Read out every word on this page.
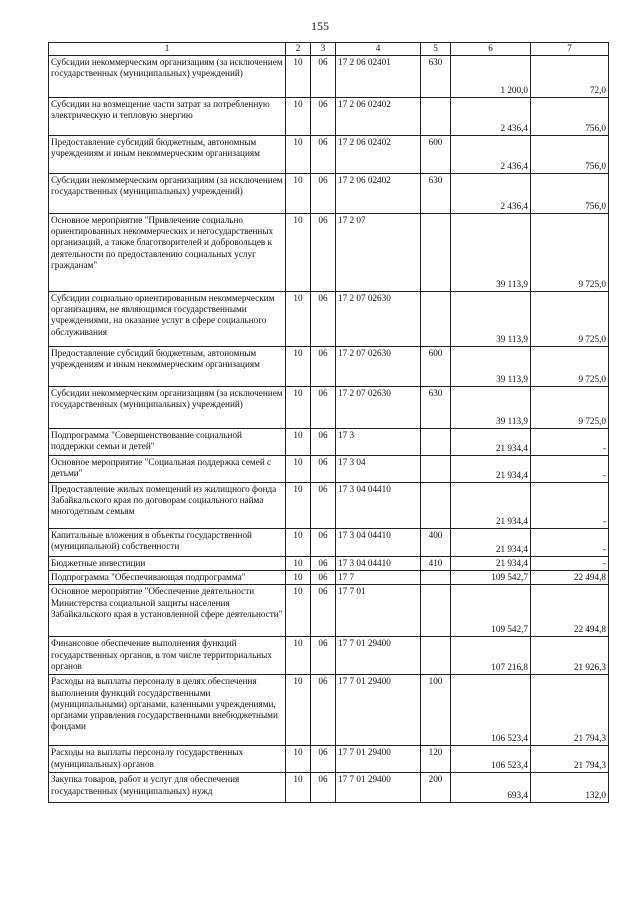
155
1	2	3	4	5	6	7
Субсидии некоммерческим организациям (за исключением государственных (муниципальных) учреждений)	10	06	17 2 06 02401	630	1 200,0	72,0
Субсидии на возмещение части затрат за потребленную электрическую и тепловую энергию	10	06	17 2 06 02402		2 436,4	756,0
Предоставление субсидий бюджетным, автономным учреждениям и иным некоммерческим организациям	10	06	17 2 06 02402	600	2 436,4	756,0
Субсидии некоммерческим организациям (за исключением государственных (муниципальных) учреждений)	10	06	17 2 06 02402	630	2 436,4	756,0
Основное мероприятие "Привлечение социально ориентированных некоммерческих и негосударственных организаций, а также благотворителей и добровольцев к деятельности по предоставлению социальных услуг гражданам"	10	06	17 2 07		39 113,9	9 725,0
Субсидии социально ориентированным некоммерческим организациям, не являющимся государственными учреждениями, на оказание услуг в сфере социального обслуживания	10	06	17 2 07 02630		39 113,9	9 725,0
Предоставление субсидий бюджетным, автономным учреждениям и иным некоммерческим организациям	10	06	17 2 07 02630	600	39 113,9	9 725,0
Субсидии некоммерческим организациям (за исключением государственных (муниципальных) учреждений)	10	06	17 2 07 02630	630	39 113,9	9 725,0
Подпрограмма "Совершенствование социальной поддержки семьи и детей"	10	06	17 3		21 934,4	-
Основное мероприятие "Социальная поддержка семей с детьми"	10	06	17 3 04		21 934,4	-
Предоставление жилых помещений из жилищного фонда Забайкальского края по договорам социального найма многодетным семьям	10	06	17 3 04 04410		21 934,4	-
Капитальные вложения в объекты государственной (муниципальной) собственности	10	06	17 3 04 04410	400	21 934,4	-
Бюджетные инвестиции	10	06	17 3 04 04410	410	21 934,4	-
Подпрограмма "Обеспечивающая подпрограмма"	10	06	17 7		109 542,7	22 494,8
Основное мероприятие "Обеспечение деятельности Министерства социальной защиты населения Забайкальского края в установленной сфере деятельности"	10	06	17 7 01		109 542,7	22 494,8
Финансовое обеспечение выполнения функций государственных органов, в том числе территориальных органов	10	06	17 7 01 29400		107 216,8	21 926,3
Расходы на выплаты персоналу в целях обеспечения выполнения функций государственными (муниципальными) органами, казенными учреждениями, органами управления государственными внебюджетными фондами	10	06	17 7 01 29400	100	106 523,4	21 794,3
Расходы на выплаты персоналу государственных (муниципальных) органов	10	06	17 7 01 29400	120	106 523,4	21 794,3
Закупка товаров, работ и услуг для обеспечения государственных (муниципальных) нужд	10	06	17 7 01 29400	200	693,4	132,0
